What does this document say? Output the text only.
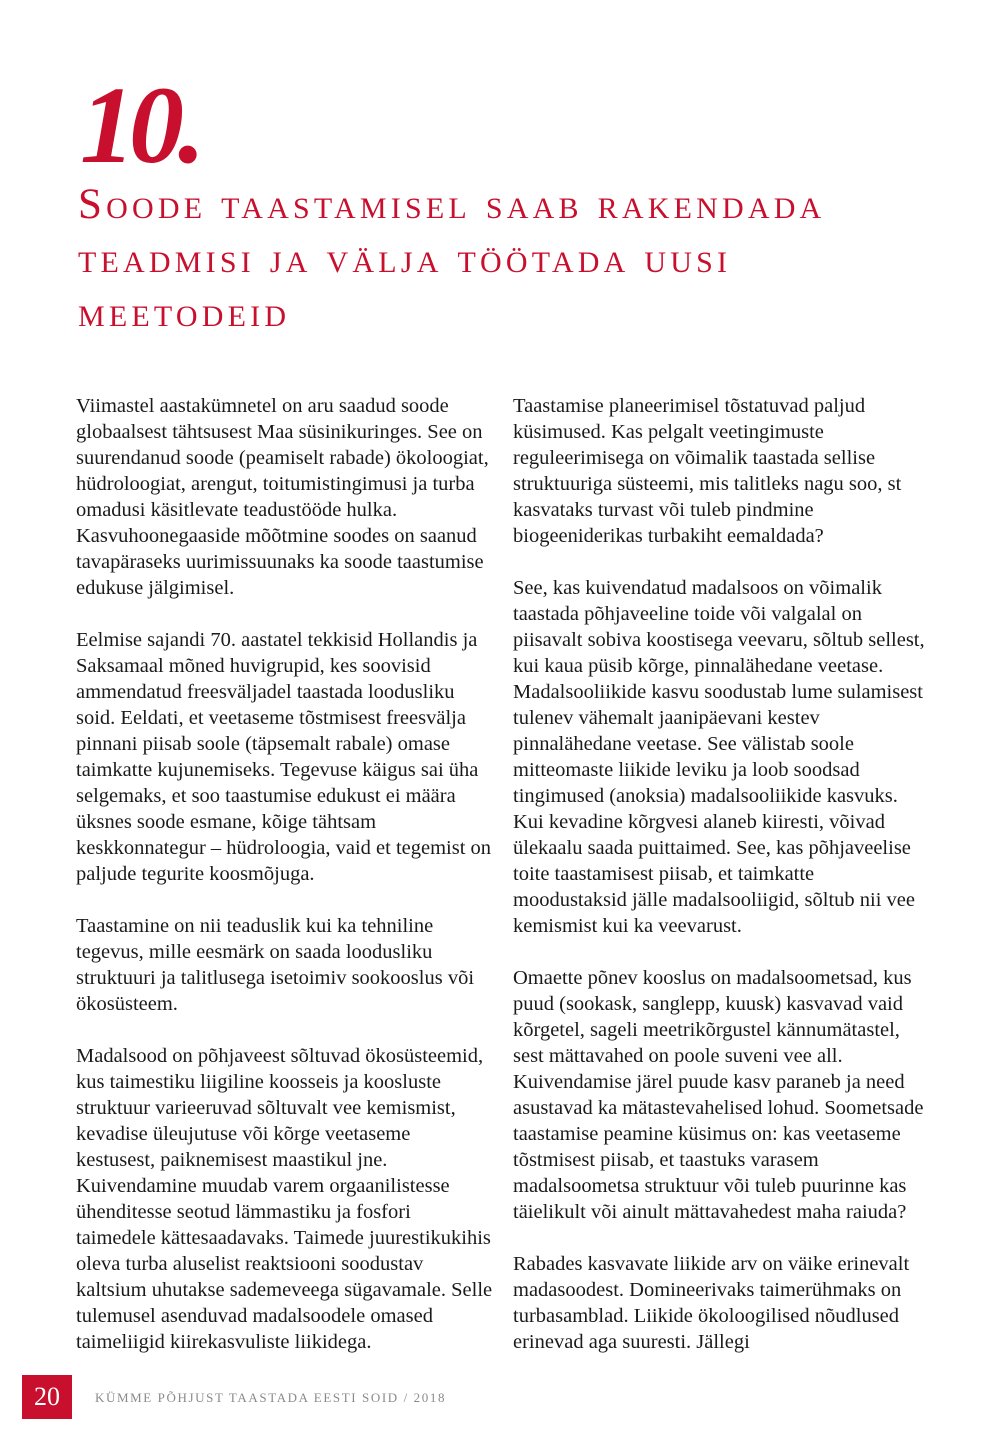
10.
Soode taastamisel saab rakendada teadmisi ja välja töötada uusi meetodeid

Viimastel aastakümnetel on aru saadud soode globaalsest tähtsusest Maa süsinikuringes. See on suurendanud soode (peamiselt rabade) ökoloogiat, hüdroloogiat, arengut, toitumistingimusi ja turba omadusi käsitlevate teadustööde hulka. Kasvuhoonegaaside mõõtmine soodes on saanud tavapäraseks uurimissuunaks ka soode taastumise edukuse jälgimisel.

Eelmise sajandi 70. aastatel tekkisid Hollandis ja Saksamaal mõned huvigrupid, kes soovisid ammendatud freesväljadel taastada loodusliku soid. Eeldati, et veetaseme tõstmisest freesvälja pinnani piisab soole (täpsemalt rabale) omase taimkatte kujunemiseks. Tegevuse käigus sai üha selgemaks, et soo taastumise edukust ei määra üksnes soode esmane, kõige tähtsam keskkonnategur – hüdroloogia, vaid et tegemist on paljude tegurite koosmõjuga.

Taastamine on nii teaduslik kui ka tehniline tegevus, mille eesmärk on saada loodusliku struktuuri ja talitlusega isetoimiv sookooslus või ökosüsteem.

Madalsood on põhjaveest sõltuvad ökosüsteemid, kus taimestiku liigiline koosseis ja koosluste struktuur varieeruvad sõltuvalt vee kemismist, kevadise üleujutuse või kõrge veetaseme kestusest, paiknemisest maastikul jne. Kuivendamine muudab varem orgaanilistesse ühenditesse seotud lämmastiku ja fosfori taimedele kättesaadavaks. Taimede juurestikukihis oleva turba aluselist reaktsiooni soodustav kaltsium uhutakse sademeveega sügavamale. Selle tulemusel asenduvad madalsoodele omased taimeliigid kiirekasvuliste liikidega.

Taastamise planeerimisel tõstatuvad paljud küsimused. Kas pelgalt veetingimuste reguleerimisega on võimalik taastada sellise struktuuriga süsteemi, mis talitleks nagu soo, st kasvataks turvast või tuleb pindmine biogeeniderikas turbakiht eemaldada?

See, kas kuivendatud madalsoos on võimalik taastada põhjaveeline toide või valgalal on piisavalt sobiva koostisega veevaru, sõltub sellest, kui kaua püsib kõrge, pinnalähedane veetase. Madalsooliikide kasvu soodustab lume sulamisest tulenev vähemalt jaanipäevani kestev pinnalähedane veetase. See välistab soole mitteomaste liikide leviku ja loob soodsad tingimused (anoksia) madalsooliikide kasvuks. Kui kevadine kõrgvesi alaneb kiiresti, võivad ülekaalu saada puittaimed. See, kas põhjaveelise toite taastamisest piisab, et taimkatte moodustaksid jälle madalsooliigid, sõltub nii vee kemismist kui ka veevarust.

Omaette põnev kooslus on madalsoometsad, kus puud (sookask, sanglepp, kuusk) kasvavad vaid kõrgetel, sageli meetrikõrgustel kännumätastel, sest mättavahed on poole suveni vee all. Kuivendamise järel puude kasv paraneb ja need asustavad ka mätastevahelised lohud. Soometsade taastamise peamine küsimus on: kas veetaseme tõstmisest piisab, et taastuks varasem madalsoometsa struktuur või tuleb puurinne kas täielikult või ainult mättavahedest maha raiuda?

Rabades kasvavate liikide arv on väike erinevalt madasoodest. Domineerivaks taimerühmaks on turbasamblad. Liikide ökoloogilised nõudlused erinevad aga suuresti. Jällegi

20	KÜMME PÕHJUST TAASTADA EESTI SOID / 2018
